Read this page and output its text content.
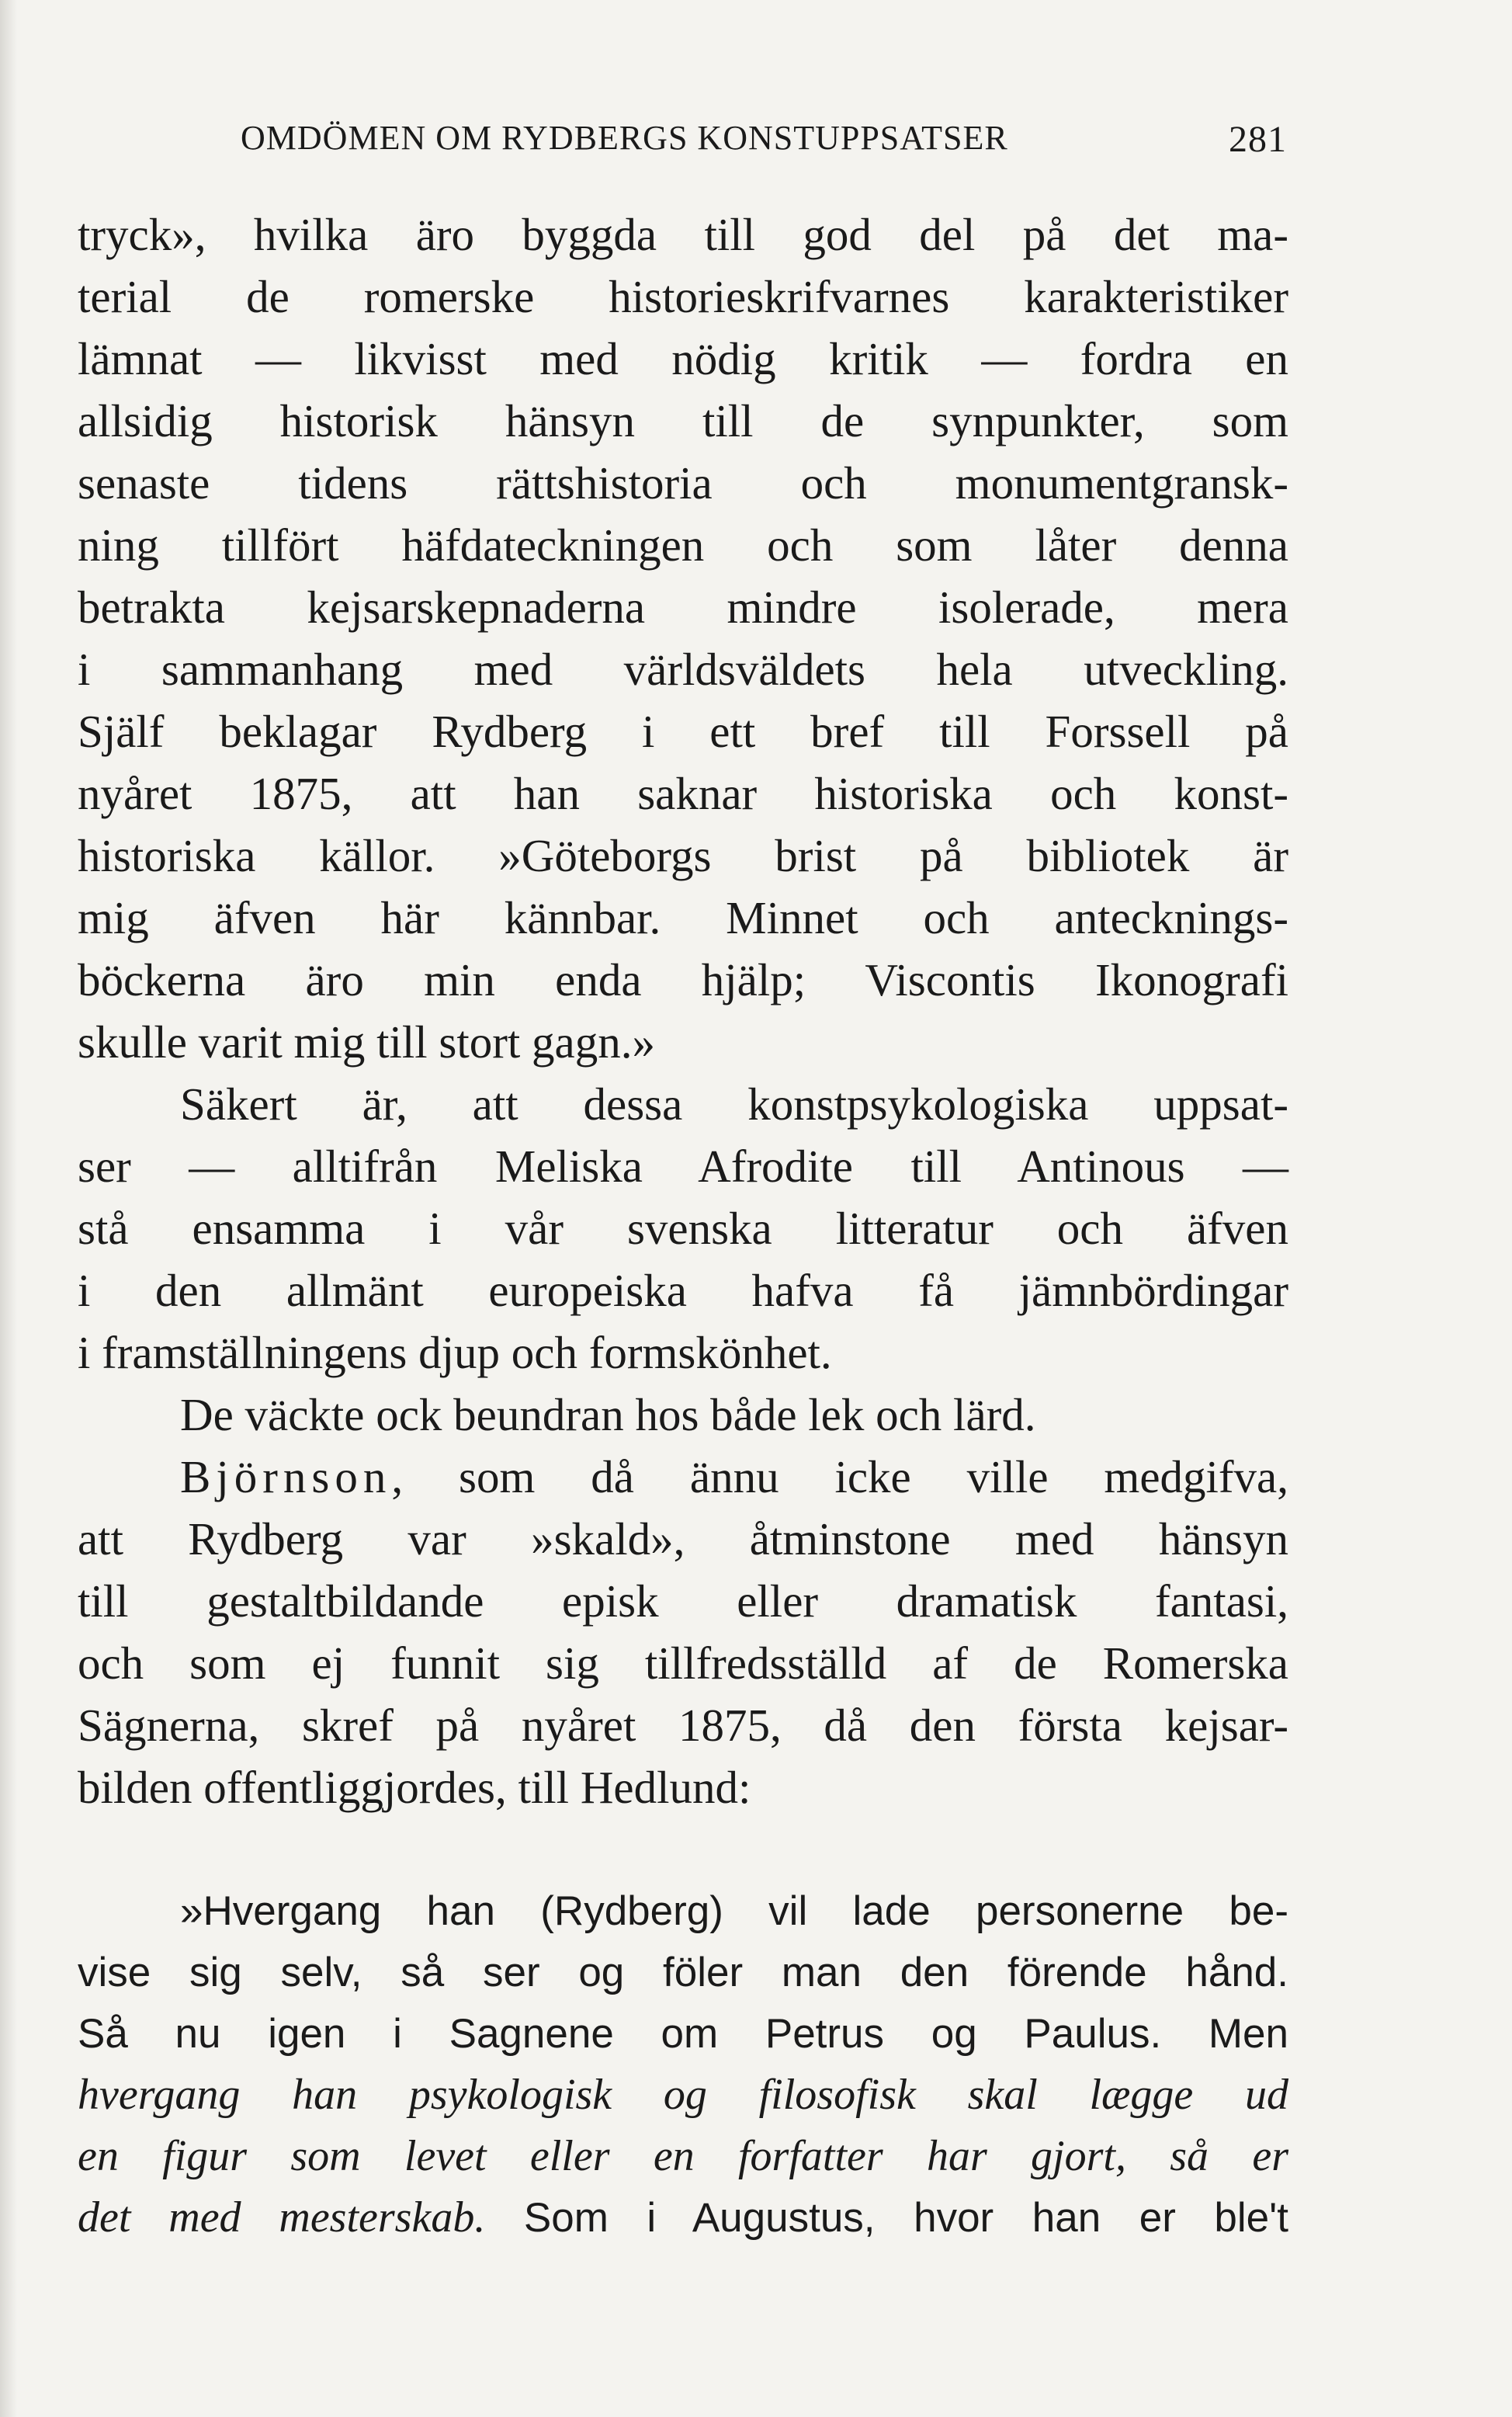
OMDÖMEN OM RYDBERGS KONSTUPPSATSER	281
tryck», hvilka äro byggda till god del på det ma-
terial de romerske historieskrifvarnes karakteristiker
lämnat — likvisst med nödig kritik — fordra en
allsidig historisk hänsyn till de synpunkter, som
senaste tidens rättshistoria och monumentgransk-
ning tillfört häfdateckningen och som låter denna
betrakta kejsarskepnaderna mindre isolerade, mera
i sammanhang med världsväldets hela utveckling.
Själf beklagar Rydberg i ett bref till Forssell på
nyåret 1875, att han saknar historiska och konst-
historiska källor. »Göteborgs brist på bibliotek är
mig äfven här kännbar. Minnet och antecknings-
böckerna äro min enda hjälp; Viscontis Ikonografi
skulle varit mig till stort gagn.»
Säkert är, att dessa konstpsykologiska uppsat-
ser — alltifrån Meliska Afrodite till Antinous —
stå ensamma i vår svenska litteratur och äfven
i den allmänt europeiska hafva få jämnbördingar
i framställningens djup och formskönhet.
De väckte ock beundran hos både lek och lärd.
Björnson, som då ännu icke ville medgifva,
att Rydberg var »skald», åtminstone med hänsyn
till gestaltbildande episk eller dramatisk fantasi,
och som ej funnit sig tillfredsställd af de Romerska
Sägnerna, skref på nyåret 1875, då den första kejsar-
bilden offentliggjordes, till Hedlund:
»Hvergang han (Rydberg) vil lade personerne be-
vise sig selv, så ser og föler man den förende hånd.
Så nu igen i Sagnene om Petrus og Paulus. Men
hvergang han psykologisk og filosofisk skal lægge ud
en figur som levet eller en forfatter har gjort, så er
det med mesterskab. Som i Augustus, hvor han er ble't
